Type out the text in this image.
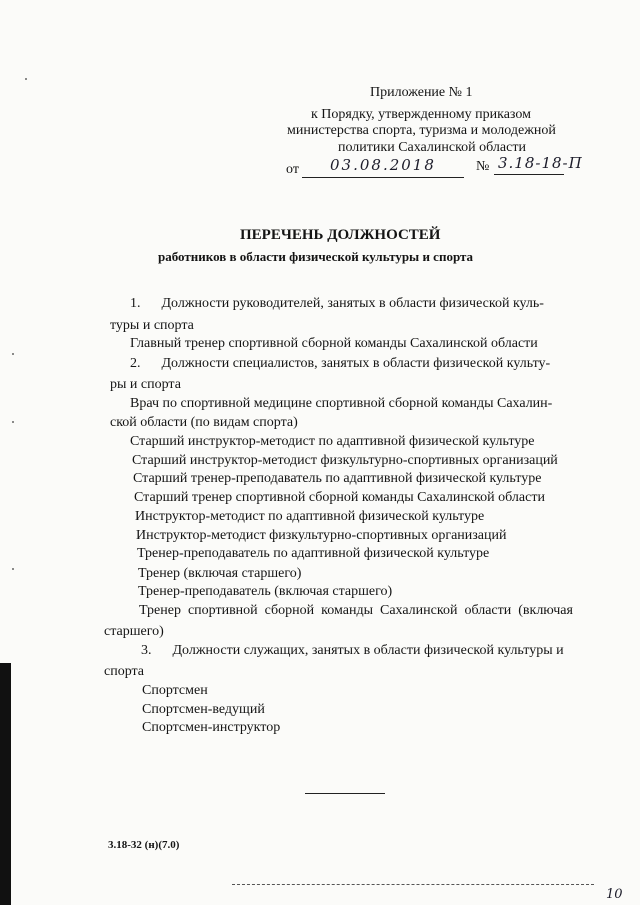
Приложение № 1
к Порядку, утвержденному приказом
министерства спорта, туризма и молодежной
политики Сахалинской области
от 03.08.2018	№ 3.18-18-П
ПЕРЕЧЕНЬ ДОЛЖНОСТЕЙ
работников в области физической культуры и спорта
1.      Должности руководителей, занятых в области физической куль-
туры и спорта
Главный тренер спортивной сборной команды Сахалинской области
2.      Должности специалистов, занятых в области физической культу-
ры и спорта
Врач по спортивной медицине спортивной сборной команды Сахалин-
ской области (по видам спорта)
Старший инструктор-методист по адаптивной физической культуре
Старший инструктор-методист физкультурно-спортивных организаций
Старший тренер-преподаватель по адаптивной физической культуре
Старший тренер спортивной сборной команды Сахалинской области
Инструктор-методист по адаптивной физической культуре
Инструктор-методист физкультурно-спортивных организаций
Тренер-преподаватель по адаптивной физической культуре
Тренер (включая старшего)
Тренер-преподаватель (включая старшего)
Тренер  спортивной  сборной  команды  Сахалинской  области  (включая
старшего)
3.      Должности служащих, занятых в области физической культуры и
спорта
Спортсмен
Спортсмен-ведущий
Спортсмен-инструктор
3.18-32 (н)(7.0)
10
